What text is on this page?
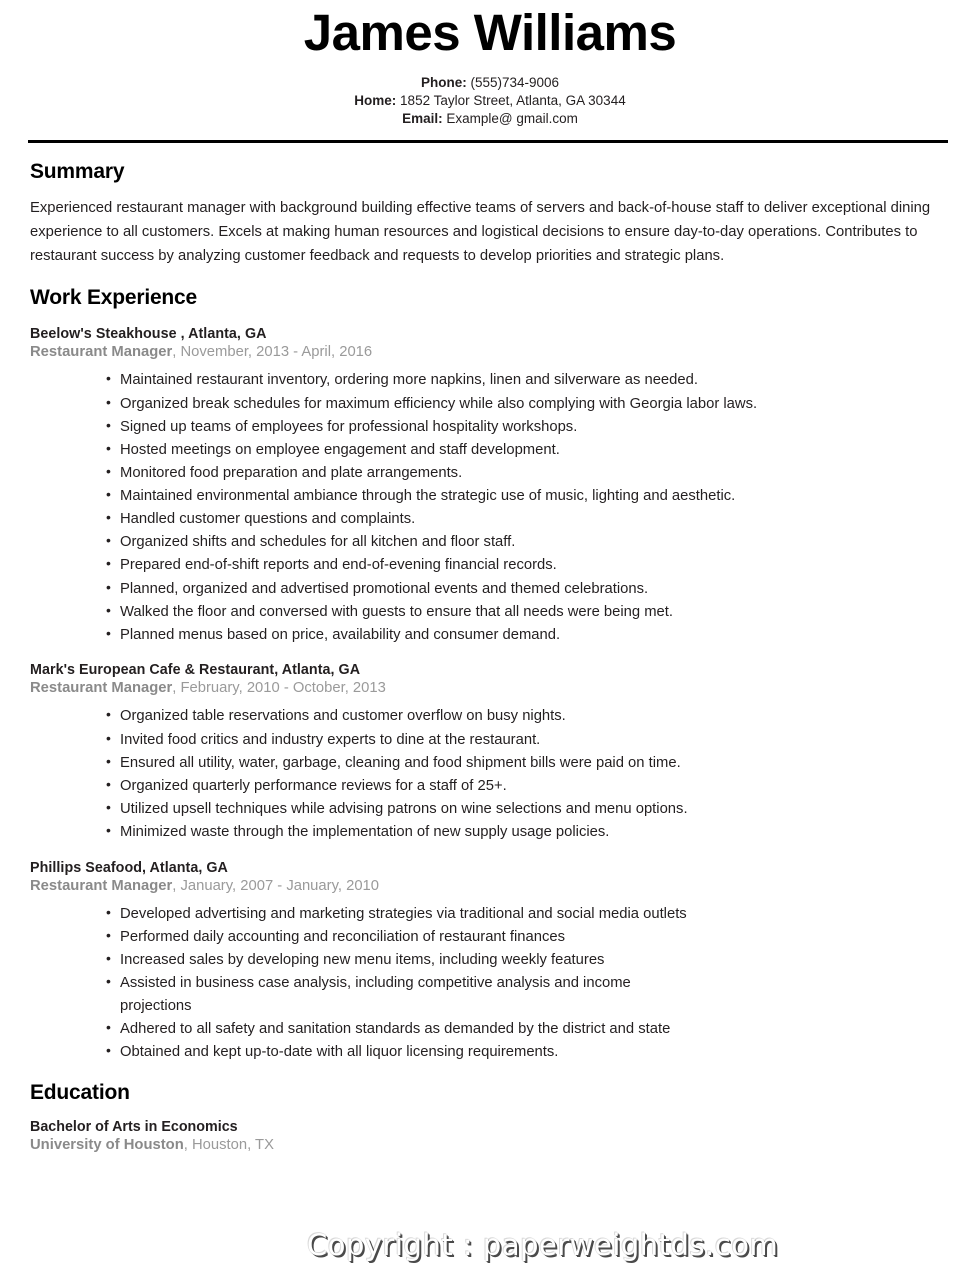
James Williams
Phone: (555)734-9006
Home: 1852 Taylor Street, Atlanta, GA 30344
Email: Example@ gmail.com
Summary

Experienced restaurant manager with background building effective teams of servers and back-of-house staff to deliver exceptional dining experience to all customers. Excels at making human resources and logistical decisions to ensure day-to-day operations. Contributes to restaurant success by analyzing customer feedback and requests to develop priorities and strategic plans.

Work Experience
Beelow's Steakhouse , Atlanta, GA
Restaurant Manager, November, 2013 - April, 2016
• Maintained restaurant inventory, ordering more napkins, linen and silverware as needed.
• Organized break schedules for maximum efficiency while also complying with Georgia labor laws.
• Signed up teams of employees for professional hospitality workshops.
• Hosted meetings on employee engagement and staff development.
• Monitored food preparation and plate arrangements.
• Maintained environmental ambiance through the strategic use of music, lighting and aesthetic.
• Handled customer questions and complaints.
• Organized shifts and schedules for all kitchen and floor staff.
• Prepared end-of-shift reports and end-of-evening financial records.
• Planned, organized and advertised promotional events and themed celebrations.
• Walked the floor and conversed with guests to ensure that all needs were being met.
• Planned menus based on price, availability and consumer demand.
Mark's European Cafe & Restaurant, Atlanta, GA
Restaurant Manager, February, 2010 - October, 2013
• Organized table reservations and customer overflow on busy nights.
• Invited food critics and industry experts to dine at the restaurant.
• Ensured all utility, water, garbage, cleaning and food shipment bills were paid on time.
• Organized quarterly performance reviews for a staff of 25+.
• Utilized upsell techniques while advising patrons on wine selections and menu options.
• Minimized waste through the implementation of new supply usage policies.
Phillips Seafood, Atlanta, GA
Restaurant Manager, January, 2007 - January, 2010
• Developed advertising and marketing strategies via traditional and social media outlets
• Performed daily accounting and reconciliation of restaurant finances
• Increased sales by developing new menu items, including weekly features
• Assisted in business case analysis, including competitive analysis and income projections
• Adhered to all safety and sanitation standards as demanded by the district and state
• Obtained and kept up-to-date with all liquor licensing requirements.
Education
Bachelor of Arts in Economics
University of Houston, Houston, TX
Copyright : paperweightds.com
